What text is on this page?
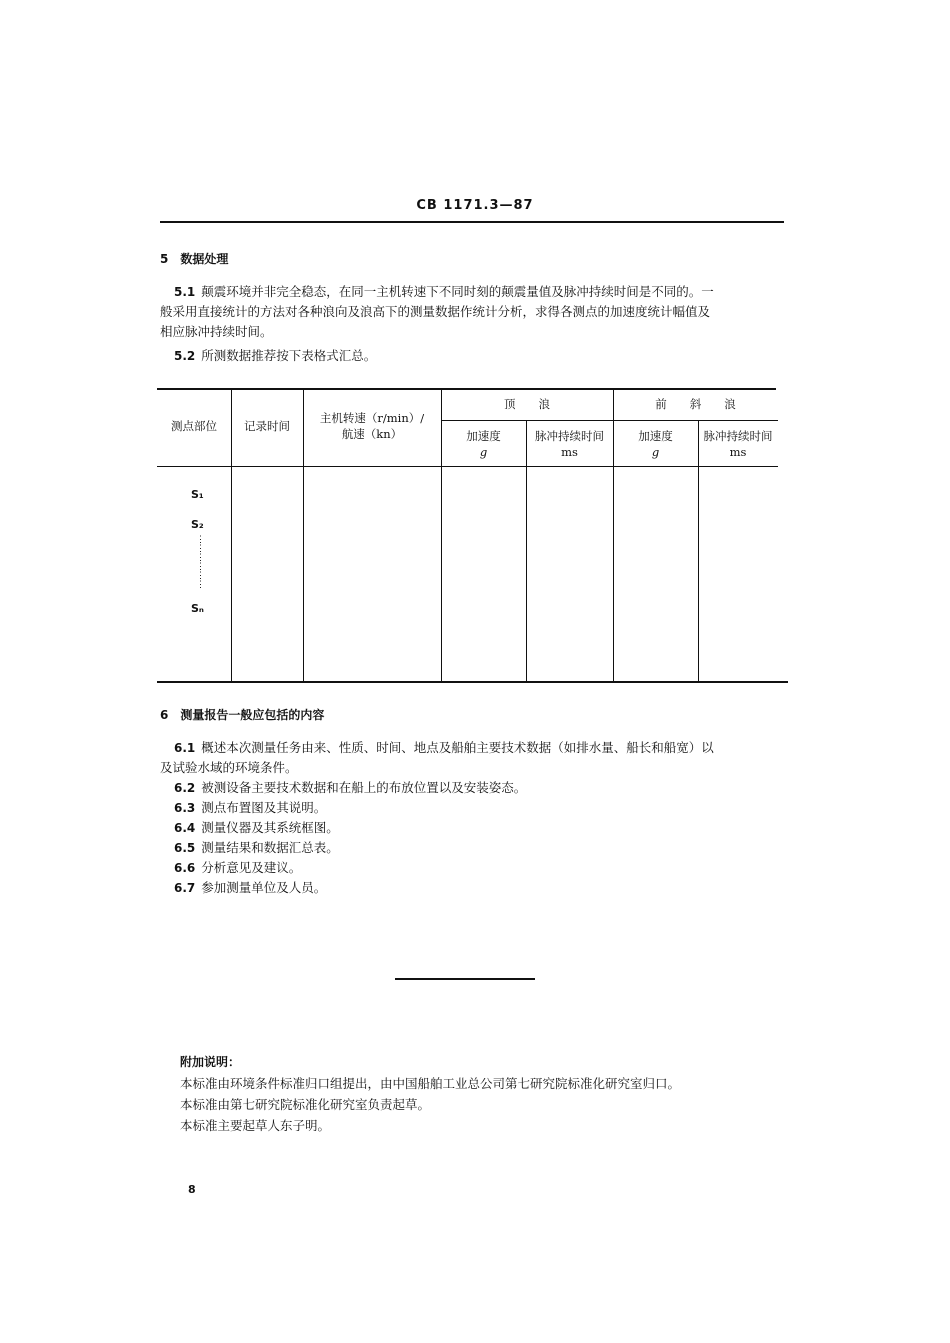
CB 1171.3—87
5　数据处理
5.1 颠震环境并非完全稳态，在同一主机转速下不同时刻的颠震量值及脉冲持续时间是不同的。一
般采用直接统计的方法对各种浪向及浪高下的测量数据作统计分析，求得各测点的加速度统计幅值及
相应脉冲持续时间。
5.2 所测数据推荐按下表格式汇总。
测点部位	记录时间
主机转速（r/min）/
航速（kn）
顶　　浪	前　　斜　　浪
加速度
g
脉冲持续时间
ms
加速度
g
脉冲持续时间
ms
S₁
S₂
⋮
⋮
⋮
⋮
⋮
⋮
Sₙ
6　测量报告一般应包括的内容
6.1 概述本次测量任务由来、性质、时间、地点及船舶主要技术数据（如排水量、船长和船宽）以
及试验水域的环境条件。
6.2 被测设备主要技术数据和在船上的布放位置以及安装姿态。
6.3 测点布置图及其说明。
6.4 测量仪器及其系统框图。
6.5 测量结果和数据汇总表。
6.6 分析意见及建议。
6.7 参加测量单位及人员。
附加说明：
本标准由环境条件标准归口组提出，由中国船舶工业总公司第七研究院标准化研究室归口。
本标准由第七研究院标准化研究室负责起草。
本标准主要起草人东子明。
8
